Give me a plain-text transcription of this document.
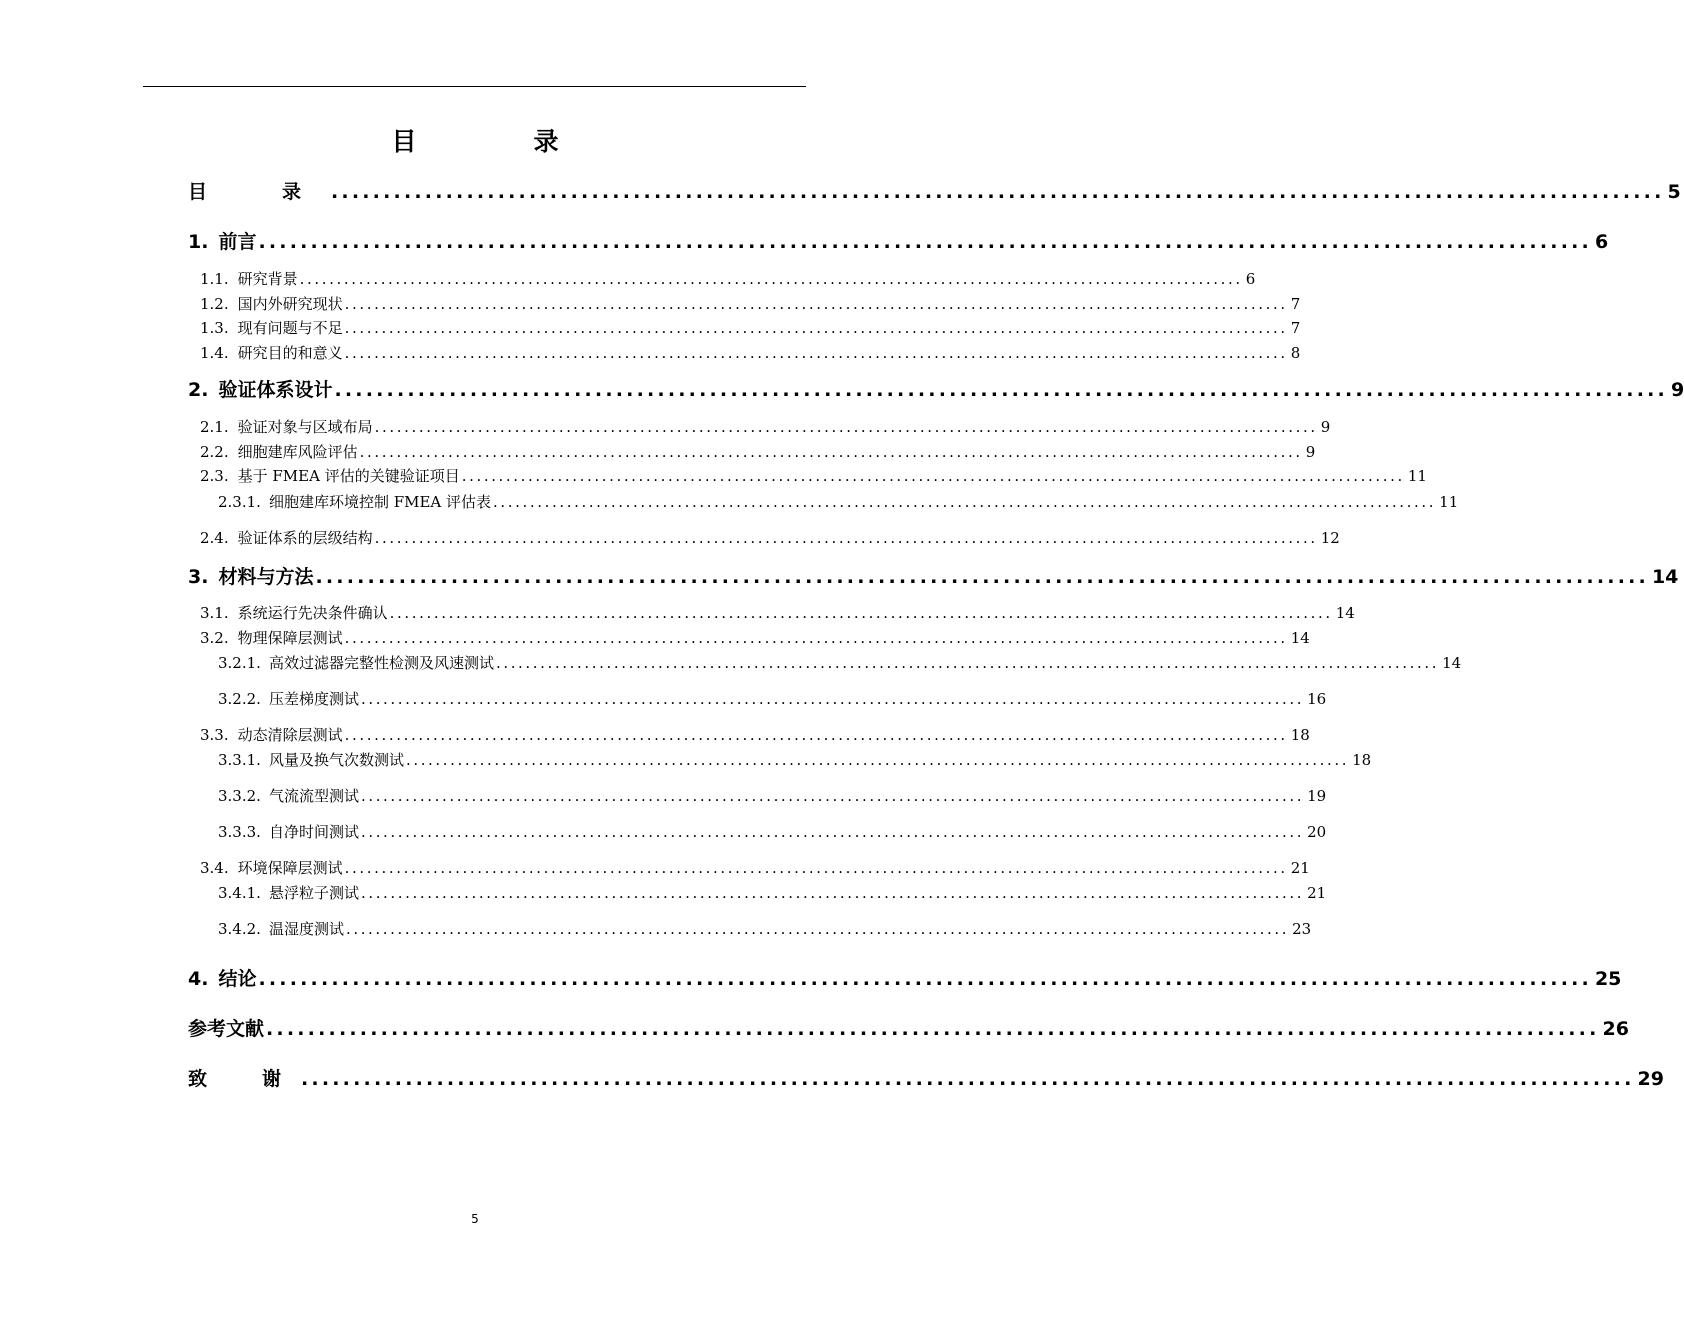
目　录
目　录 ................................................................................................................................ 5
1. 前言 ................................................................................................................................ 6
1.1. 研究背景 ................................................................................................................................ 6
1.2. 国内外研究现状 ................................................................................................................................ 7
1.3. 现有问题与不足 ................................................................................................................................ 7
1.4. 研究目的和意义 ................................................................................................................................ 8
2. 验证体系设计 ................................................................................................................................ 9
2.1. 验证对象与区域布局 ................................................................................................................................ 9
2.2. 细胞建库风险评估 ................................................................................................................................ 9
2.3. 基于 FMEA 评估的关键验证项目 ................................................................................................................................ 11
2.3.1. 细胞建库环境控制 FMEA 评估表 ................................................................................................................................ 11
2.4. 验证体系的层级结构 ................................................................................................................................ 12
3. 材料与方法 ................................................................................................................................ 14
3.1. 系统运行先决条件确认 ................................................................................................................................ 14
3.2. 物理保障层测试 ................................................................................................................................ 14
3.2.1. 高效过滤器完整性检测及风速测试 ................................................................................................................................ 14
3.2.2. 压差梯度测试 ................................................................................................................................ 16
3.3. 动态清除层测试 ................................................................................................................................ 18
3.3.1. 风量及换气次数测试 ................................................................................................................................ 18
3.3.2. 气流流型测试 ................................................................................................................................ 19
3.3.3. 自净时间测试 ................................................................................................................................ 20
3.4. 环境保障层测试 ................................................................................................................................ 21
3.4.1. 悬浮粒子测试 ................................................................................................................................ 21
3.4.2. 温湿度测试 ................................................................................................................................ 23
4. 结论 ................................................................................................................................ 25
参考文献 ................................................................................................................................ 26
致　谢 ................................................................................................................................ 29
5
